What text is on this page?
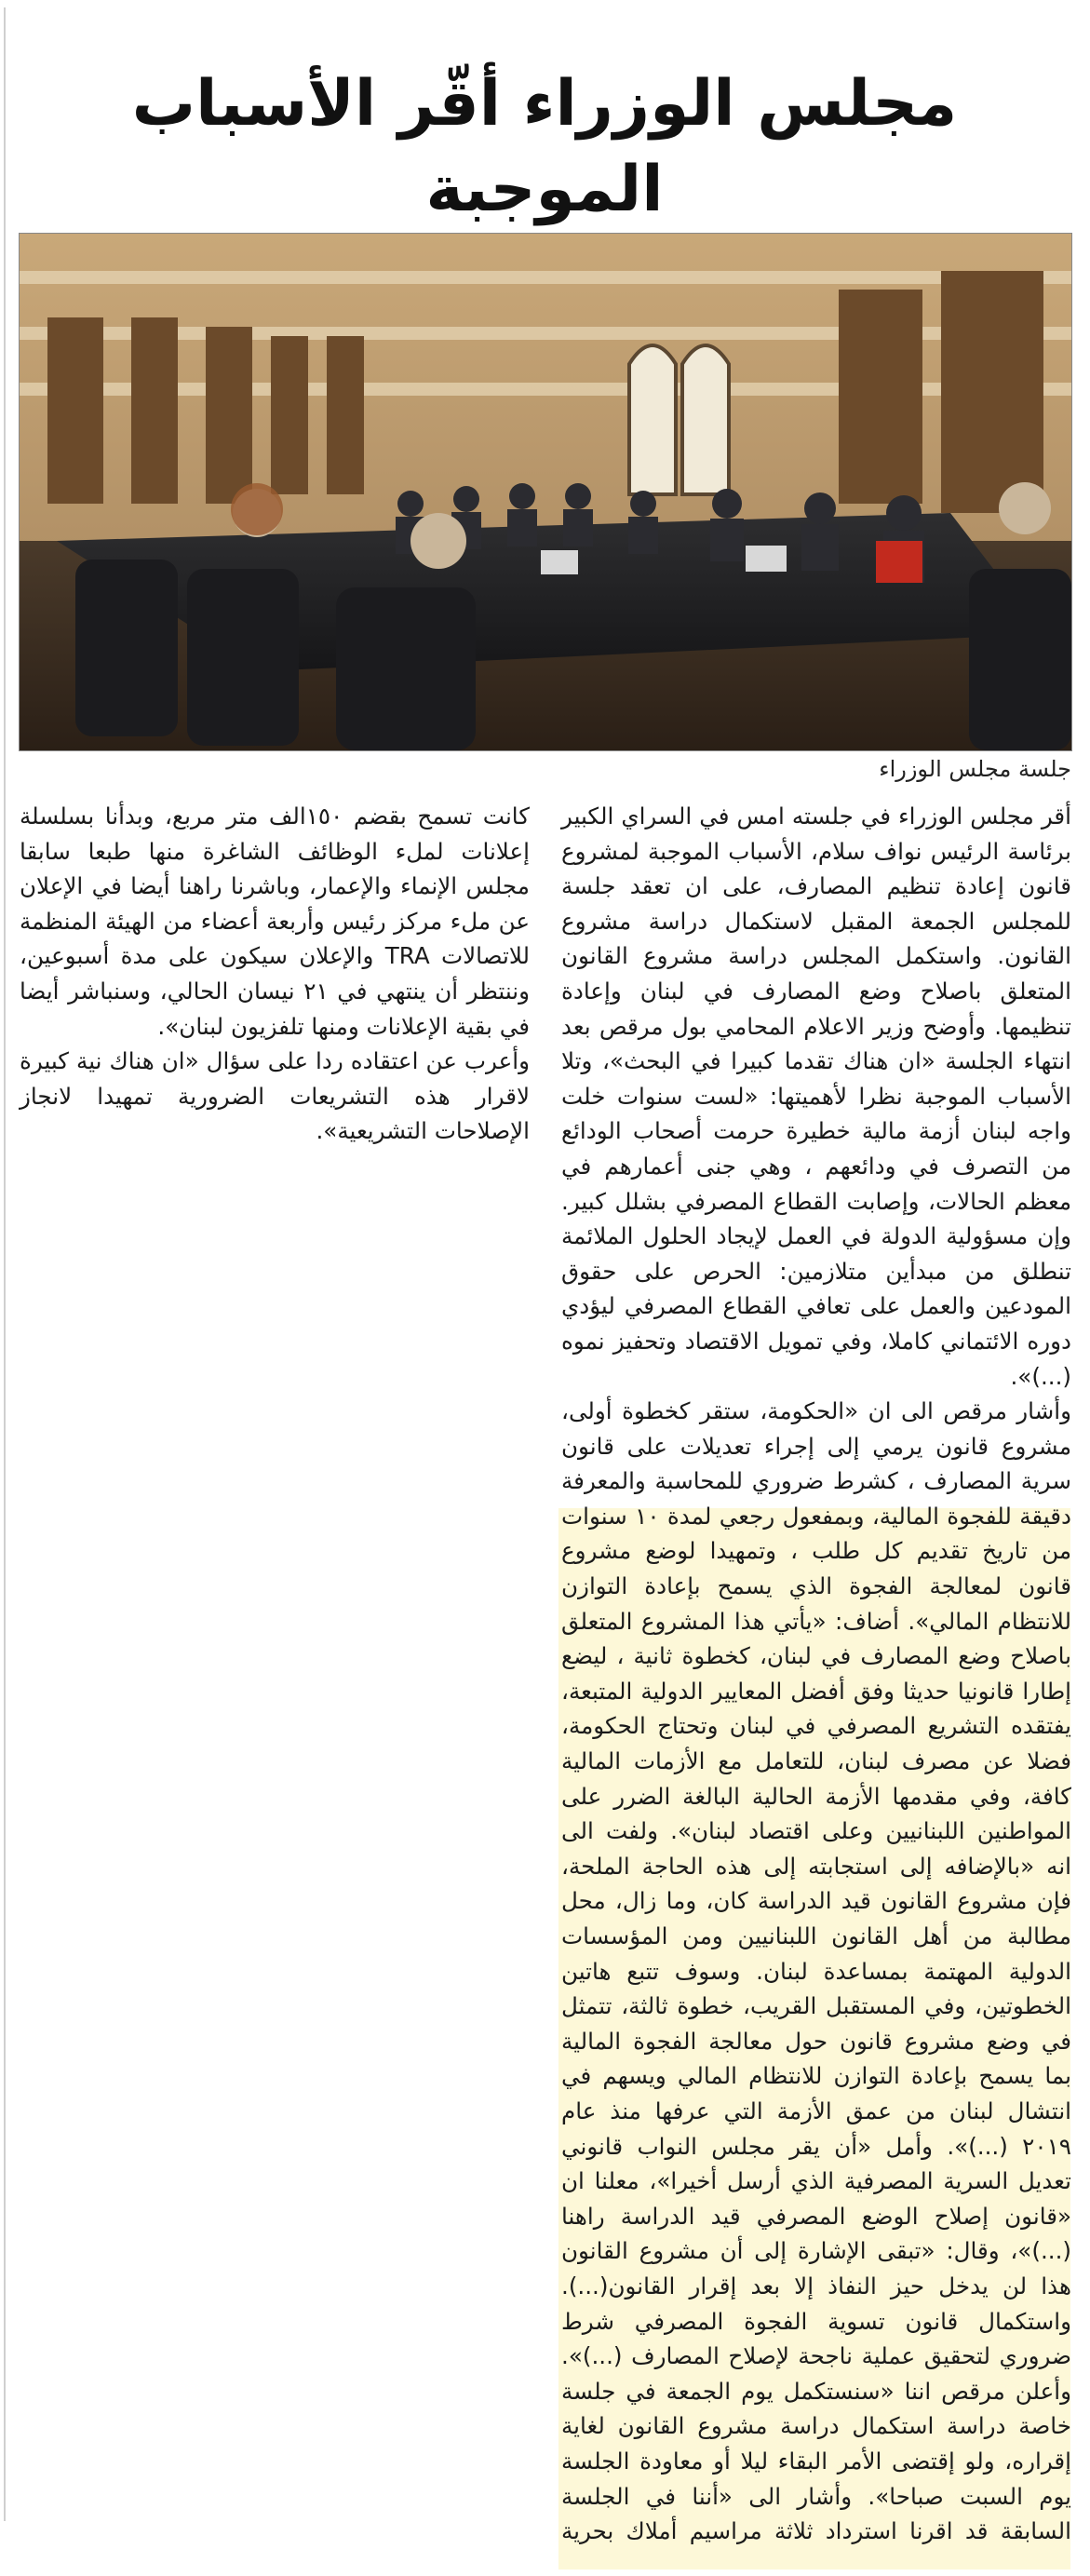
مجلس الوزراء أقّر الأسباب الموجبة
جلسة مجلس الوزراء

أقر مجلس الوزراء في جلسته امس في السراي الكبير برئاسة الرئيس نواف سلام، الأسباب الموجبة لمشروع قانون إعادة تنظيم المصارف، على ان تعقد جلسة للمجلس الجمعة المقبل لاستكمال دراسة مشروع القانون. واستكمل المجلس دراسة مشروع القانون المتعلق باصلاح وضع المصارف في لبنان وإعادة تنظيمها. وأوضح وزير الاعلام المحامي بول مرقص بعد انتهاء الجلسة «ان هناك تقدما كبيرا في البحث»، وتلا الأسباب الموجبة نظرا لأهميتها: «لست سنوات خلت واجه لبنان أزمة مالية خطيرة حرمت أصحاب الودائع من التصرف في ودائعهم ، وهي جنى أعمارهم في معظم الحالات، وإصابت القطاع المصرفي بشلل كبير. وإن مسؤولية الدولة في العمل لإيجاد الحلول الملائمة تنطلق من مبدأين متلازمين: الحرص على حقوق المودعين والعمل على تعافي القطاع المصرفي ليؤدي دوره الائتماني كاملا، وفي تمويل الاقتصاد وتحفيز نموه (...)».

وأشار مرقص الى ان «الحكومة، ستقر كخطوة أولى، مشروع قانون يرمي إلى إجراء تعديلات على قانون سرية المصارف ، كشرط ضروري للمحاسبة والمعرفة دقيقة للفجوة المالية، وبمفعول رجعي لمدة ١٠ سنوات من تاريخ تقديم كل طلب ، وتمهيدا لوضع مشروع قانون لمعالجة الفجوة الذي يسمح بإعادة التوازن للانتظام المالي». أضاف: «يأتي هذا المشروع المتعلق باصلاح وضع المصارف في لبنان، كخطوة ثانية ، ليضع إطارا قانونيا حديثا وفق أفضل المعايير الدولية المتبعة، يفتقده التشريع المصرفي في لبنان وتحتاج الحكومة، فضلا عن مصرف لبنان، للتعامل مع الأزمات المالية كافة، وفي مقدمها الأزمة الحالية البالغة الضرر على المواطنين اللبنانيين وعلى اقتصاد لبنان». ولفت الى انه «بالإضافه إلى استجابته إلى هذه الحاجة الملحة، فإن مشروع القانون قيد الدراسة كان، وما زال، محل مطالبة من أهل القانون اللبنانيين ومن المؤسسات الدولية المهتمة بمساعدة لبنان. وسوف تتبع هاتين الخطوتين، وفي المستقبل القريب، خطوة ثالثة، تتمثل في وضع مشروع قانون حول معالجة الفجوة المالية بما يسمح بإعادة التوازن للانتظام المالي ويسهم في انتشال لبنان من عمق الأزمة التي عرفها منذ عام ٢٠١٩ (...)». وأمل «أن يقر مجلس النواب قانوني تعديل السرية المصرفية الذي أرسل أخيرا»، معلنا ان «قانون إصلاح الوضع المصرفي قيد الدراسة راهنا (...)»، وقال: «تبقى الإشارة إلى أن مشروع القانون هذا لن يدخل حيز النفاذ إلا بعد إقرار القانون(...). واستكمال قانون تسوية الفجوة المصرفي شرط ضروري لتحقيق عملية ناجحة لإصلاح المصارف (...)». وأعلن مرقص اننا «سنستكمل يوم الجمعة في جلسة خاصة دراسة استكمال دراسة مشروع القانون لغاية إقراره، ولو إقتضى الأمر البقاء ليلا أو معاودة الجلسة يوم السبت صباحا». وأشار الى «أننا في الجلسة السابقة قد اقرنا استرداد ثلاثة مراسيم أملاك بحرية كانت تسمح بقضم ١٥٠الف متر مربع، وبدأنا بسلسلة إعلانات لملء الوظائف الشاغرة منها طبعا سابقا مجلس الإنماء والإعمار، وباشرنا راهنا أيضا في الإعلان عن ملء مركز رئيس وأربعة أعضاء من الهيئة المنظمة للاتصالات TRA والإعلان سيكون على مدة أسبوعين، وننتظر أن ينتهي في ٢١ نيسان الحالي، وسنباشر أيضا في بقية الإعلانات ومنها تلفزيون لبنان».

وأعرب عن اعتقاده ردا على سؤال «ان هناك نية كبيرة لاقرار هذه التشريعات الضرورية تمهيدا لانجاز الإصلاحات التشريعية».
